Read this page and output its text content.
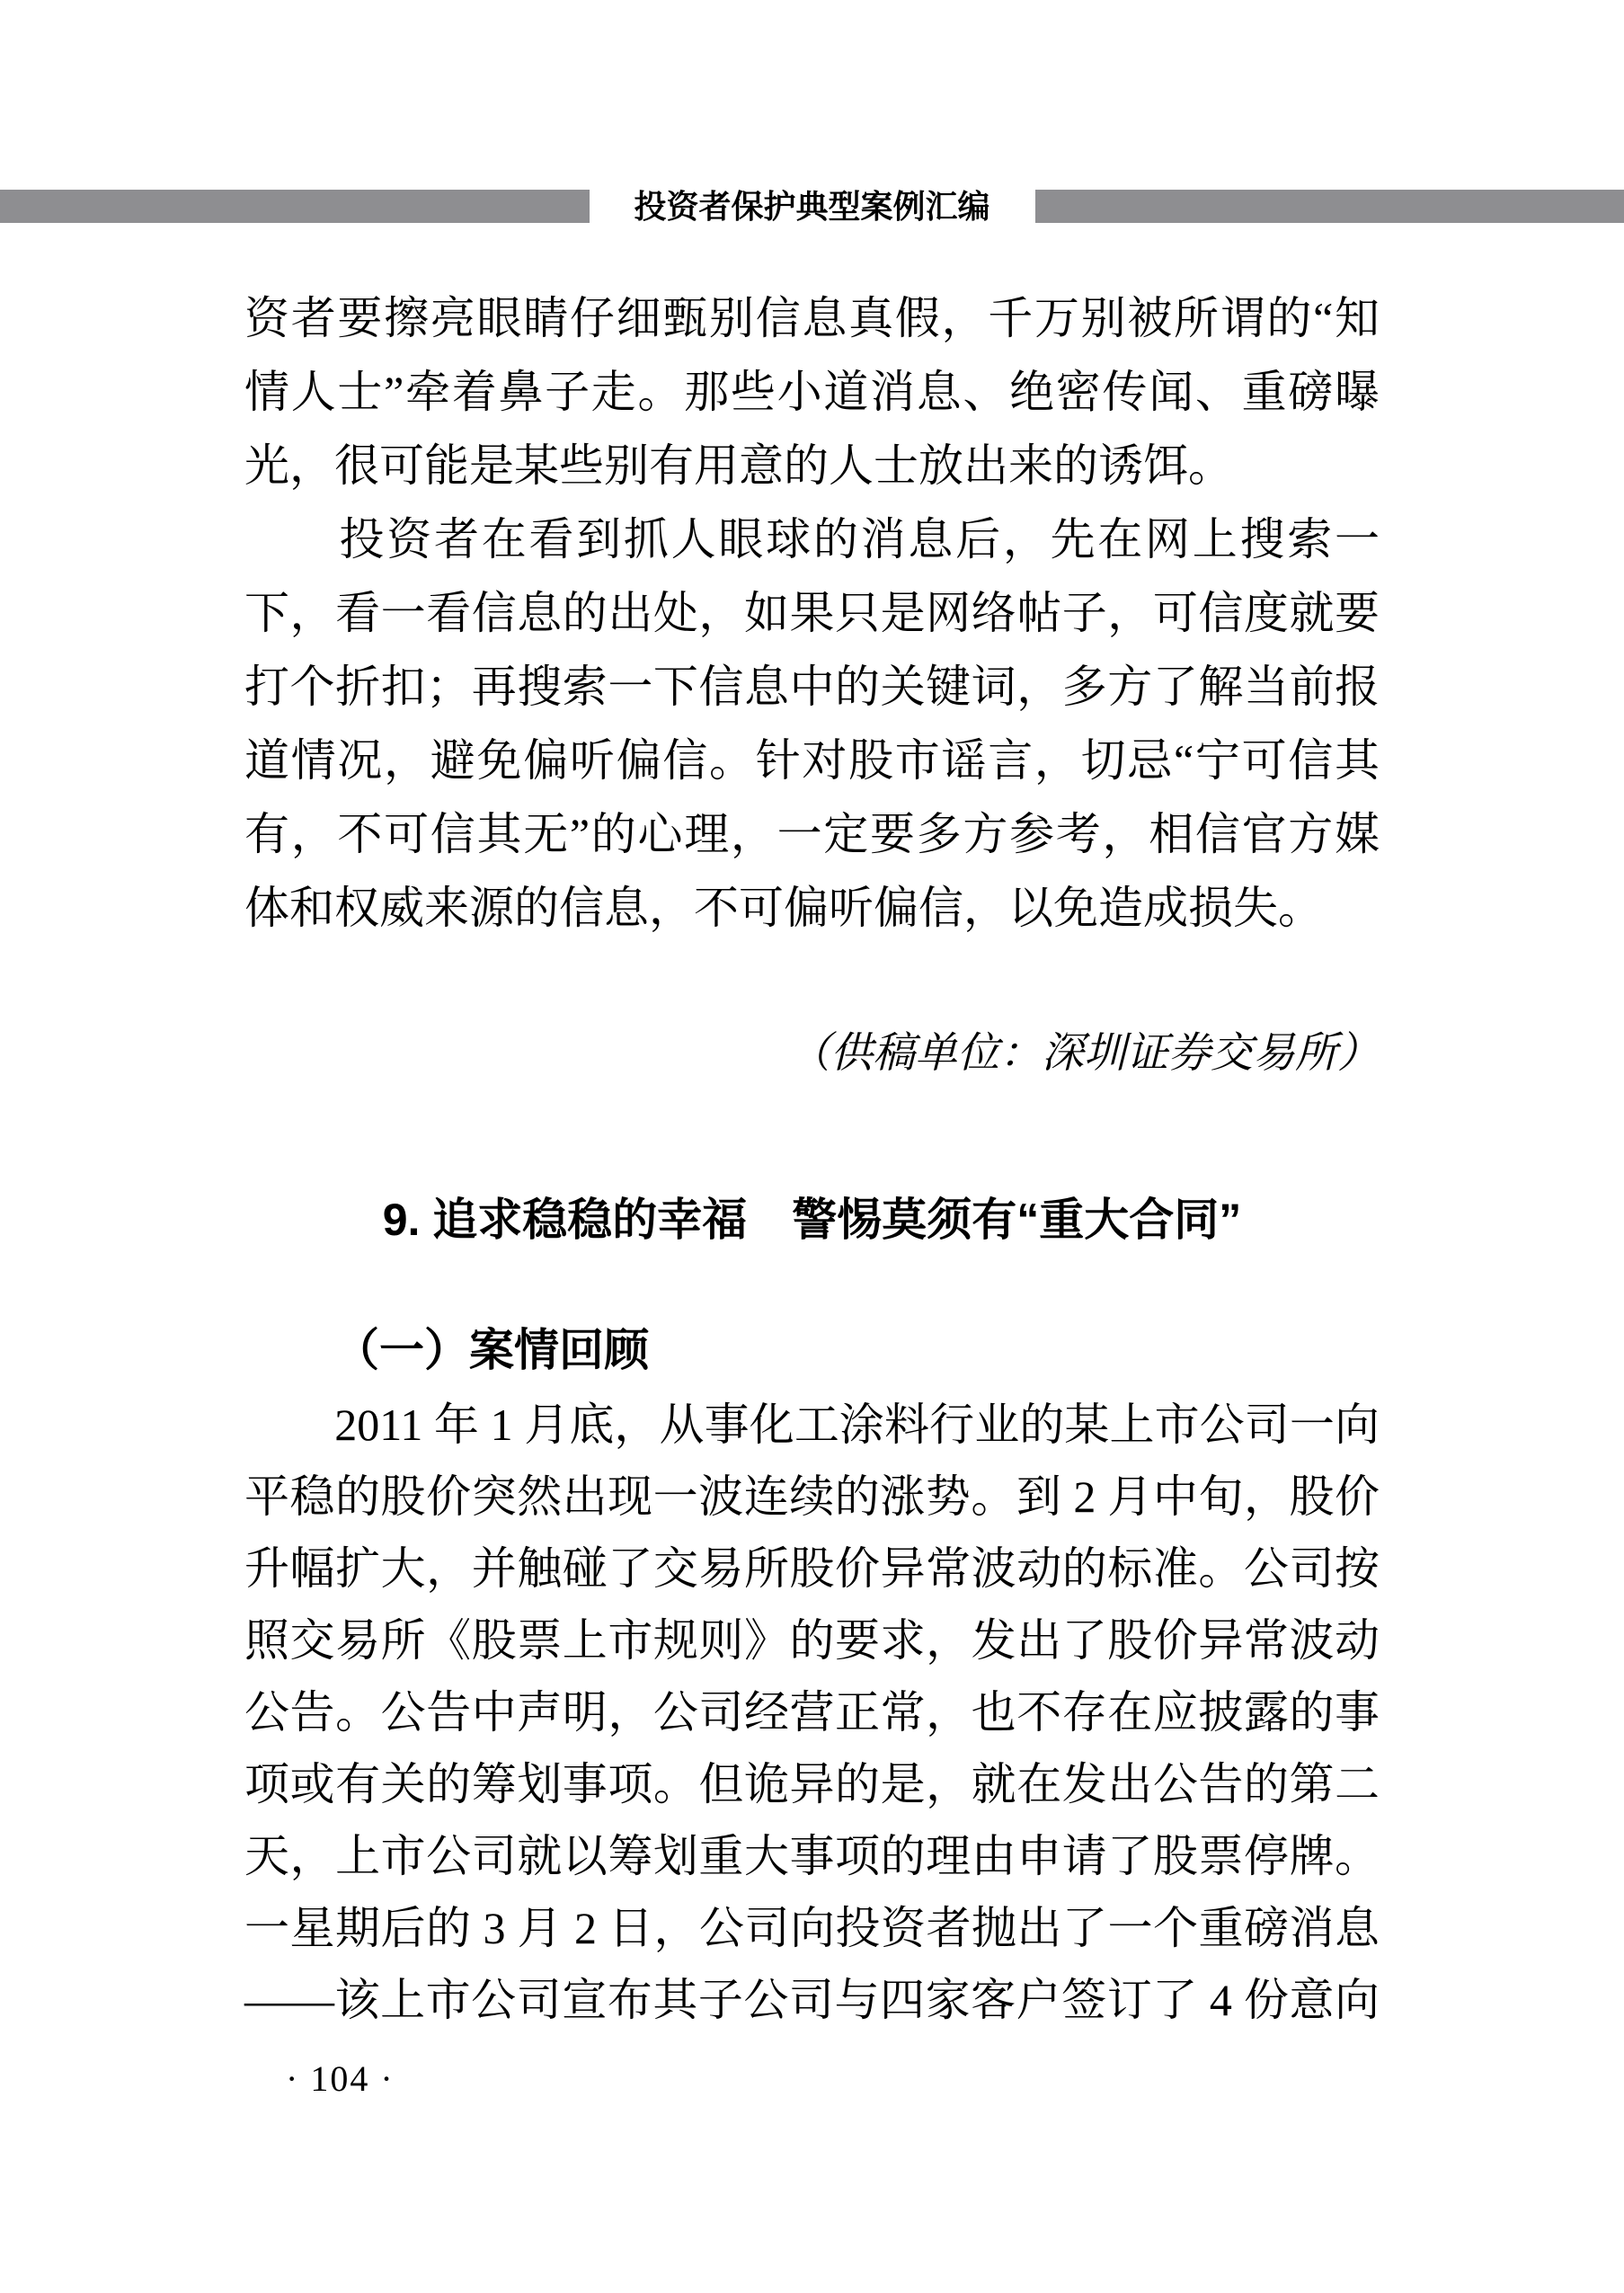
投资者保护典型案例汇编
资者要擦亮眼睛仔细甄别信息真假，千万别被所谓的“知
情人士”牵着鼻子走。那些小道消息、绝密传闻、重磅曝
光，很可能是某些别有用意的人士放出来的诱饵。
　　投资者在看到抓人眼球的消息后，先在网上搜索一
下，看一看信息的出处，如果只是网络帖子，可信度就要
打个折扣；再搜索一下信息中的关键词，多方了解当前报
道情况，避免偏听偏信。针对股市谣言，切忌“宁可信其
有，不可信其无”的心理，一定要多方参考，相信官方媒
体和权威来源的信息，不可偏听偏信，以免造成损失。
（供稿单位：深圳证券交易所）
9. 追求稳稳的幸福　警惕莫须有“重大合同”
（一）案情回顾
　　2011 年 1 月底，从事化工涂料行业的某上市公司一向
平稳的股价突然出现一波连续的涨势。到 2 月中旬，股价
升幅扩大，并触碰了交易所股价异常波动的标准。公司按
照交易所《股票上市规则》的要求，发出了股价异常波动
公告。公告中声明，公司经营正常，也不存在应披露的事
项或有关的筹划事项。但诡异的是，就在发出公告的第二
天，上市公司就以筹划重大事项的理由申请了股票停牌。
一星期后的 3 月 2 日，公司向投资者抛出了一个重磅消息
——该上市公司宣布其子公司与四家客户签订了 4 份意向
· 104 ·
